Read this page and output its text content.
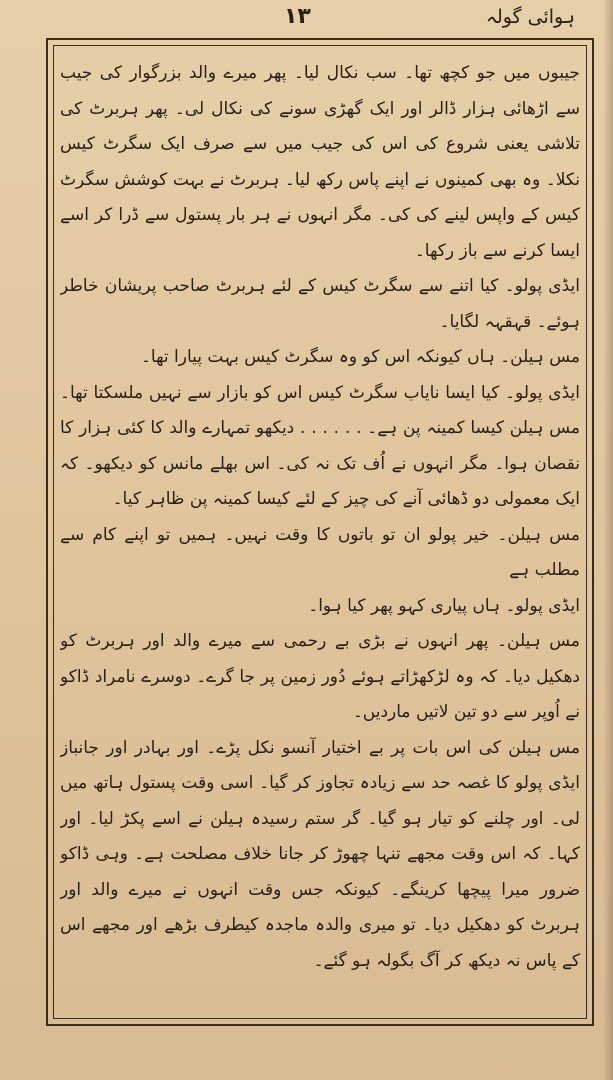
ہوائی گولہ
۱۳

جیبوں میں جو کچھ تھا۔ سب نکال لیا۔ پھر میرے والد بزرگوار کی جیب سے اڑھائی ہزار ڈالر اور ایک گھڑی سونے کی نکال لی۔ پھر ہربرٹ کی تلاشی یعنی شروع کی اس کی جیب میں سے صرف ایک سگرٹ کیس نکلا۔ وہ بھی کمینوں نے اپنے پاس رکھ لیا۔ ہربرٹ نے بہت کوشش سگرٹ کیس کے واپس لینے کی کی۔ مگر انہوں نے ہر بار پستول سے ڈرا کر اسے ایسا کرنے سے باز رکھا۔

ایڈی پولو۔ کیا اتنے سے سگرٹ کیس کے لئے ہربرٹ صاحب پریشان خاطر ہوئے۔ قہقہہ لگایا۔

مس ہیلن۔ ہاں کیونکہ اس کو وہ سگرٹ کیس بہت پیارا تھا۔

ایڈی پولو۔ کیا ایسا نایاب سگرٹ کیس اس کو بازار سے نہیں ملسکتا تھا۔ مس ہیلن کیسا کمینہ پن ہے۔ . . . . . . دیکھو تمہارے والد کا کئی ہزار کا نقصان ہوا۔ مگر انہوں نے اُف تک نہ کی۔ اس بھلے مانس کو دیکھو۔ کہ ایک معمولی دو ڈھائی آنے کی چیز کے لئے کیسا کمینہ پن ظاہر کیا۔

مس ہیلن۔ خیر پولو ان تو باتوں کا وقت نہیں۔ ہمیں تو اپنے کام سے مطلب ہے

ایڈی پولو۔ ہاں پیاری کہو پھر کیا ہوا۔

مس ہیلن۔ پھر انہوں نے بڑی بے رحمی سے میرے والد اور ہربرٹ کو دھکیل دیا۔ کہ وہ لڑکھڑاتے ہوئے دُور زمین پر جا گرے۔ دوسرے نامراد ڈاکو نے اُوپر سے دو تین لاتیں ماردیں۔

مس ہیلن کی اس بات پر بے اختیار آنسو نکل پڑے۔ اور بہادر اور جانباز ایڈی پولو کا غصہ حد سے زیادہ تجاوز کر گیا۔ اسی وقت پستول ہاتھ میں لی۔ اور چلنے کو تیار ہو گیا۔ گر ستم رسیدہ ہیلن نے اسے پکڑ لیا۔ اور کہا۔ کہ اس وقت مجھے تنہا چھوڑ کر جانا خلاف مصلحت ہے۔ وہی ڈاکو ضرور میرا پیچھا کرینگے۔ کیونکہ جس وقت انہوں نے میرے والد اور ہربرٹ کو دھکیل دیا۔ تو میری والدہ ماجدہ کیطرف بڑھے اور مجھے اس کے پاس نہ دیکھ کر آگ بگولہ ہو گئے۔
